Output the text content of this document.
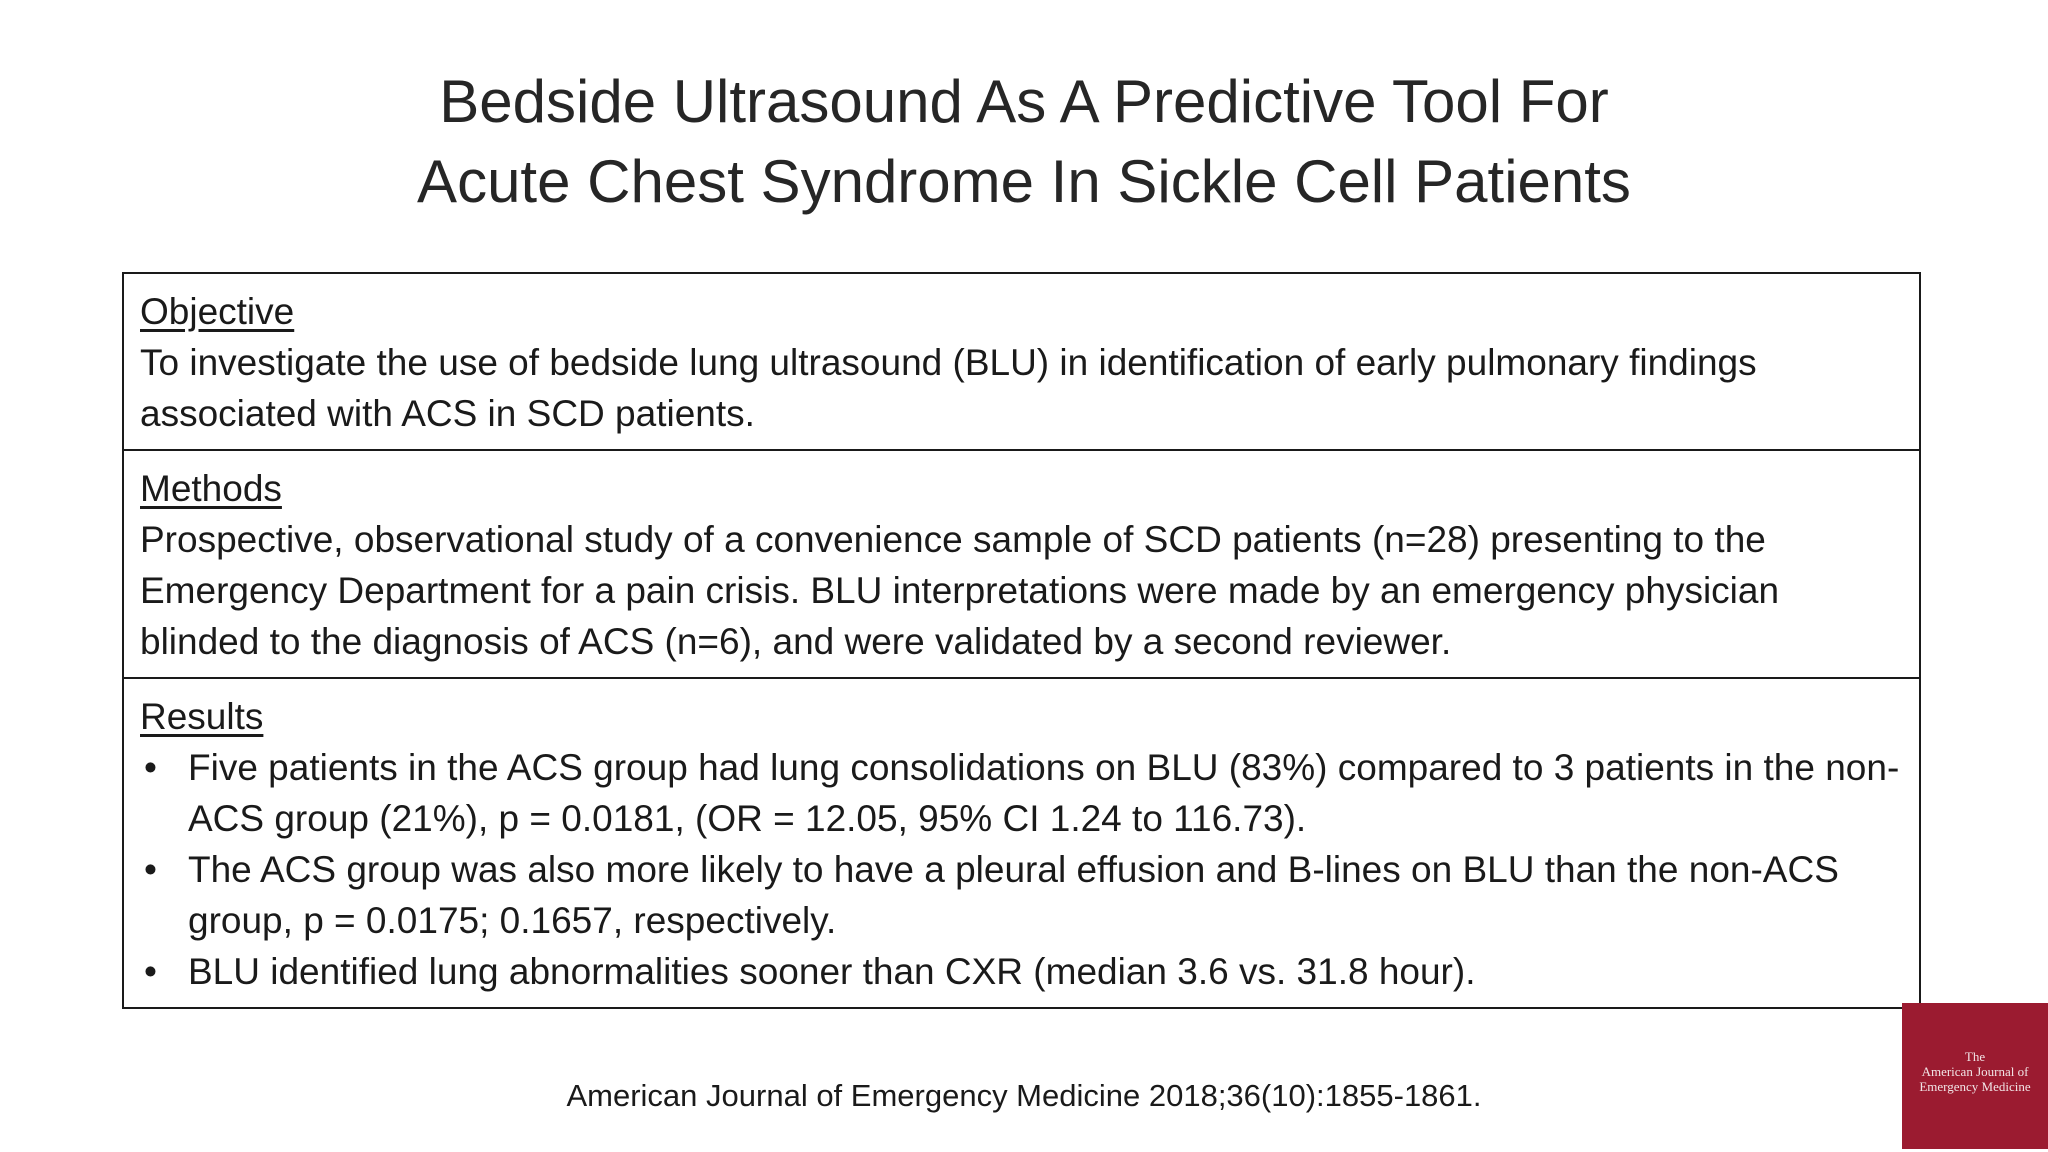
Bedside Ultrasound As A Predictive Tool For
Acute Chest Syndrome In Sickle Cell Patients
Objective
To investigate the use of bedside lung ultrasound (BLU) in identification of early pulmonary findings associated with ACS in SCD patients.
Methods
Prospective, observational study of a convenience sample of SCD patients (n=28) presenting to the Emergency Department for a pain crisis. BLU interpretations were made by an emergency physician blinded to the diagnosis of ACS (n=6), and were validated by a second reviewer.
Results
• Five patients in the ACS group had lung consolidations on BLU (83%) compared to 3 patients in the non-ACS group (21%), p = 0.0181, (OR = 12.05, 95% CI 1.24 to 116.73).
• The ACS group was also more likely to have a pleural effusion and B-lines on BLU than the non-ACS group, p = 0.0175; 0.1657, respectively.
• BLU identified lung abnormalities sooner than CXR (median 3.6 vs. 31.8 hour).
American Journal of Emergency Medicine 2018;36(10):1855-1861.
The
American Journal of
Emergency Medicine
